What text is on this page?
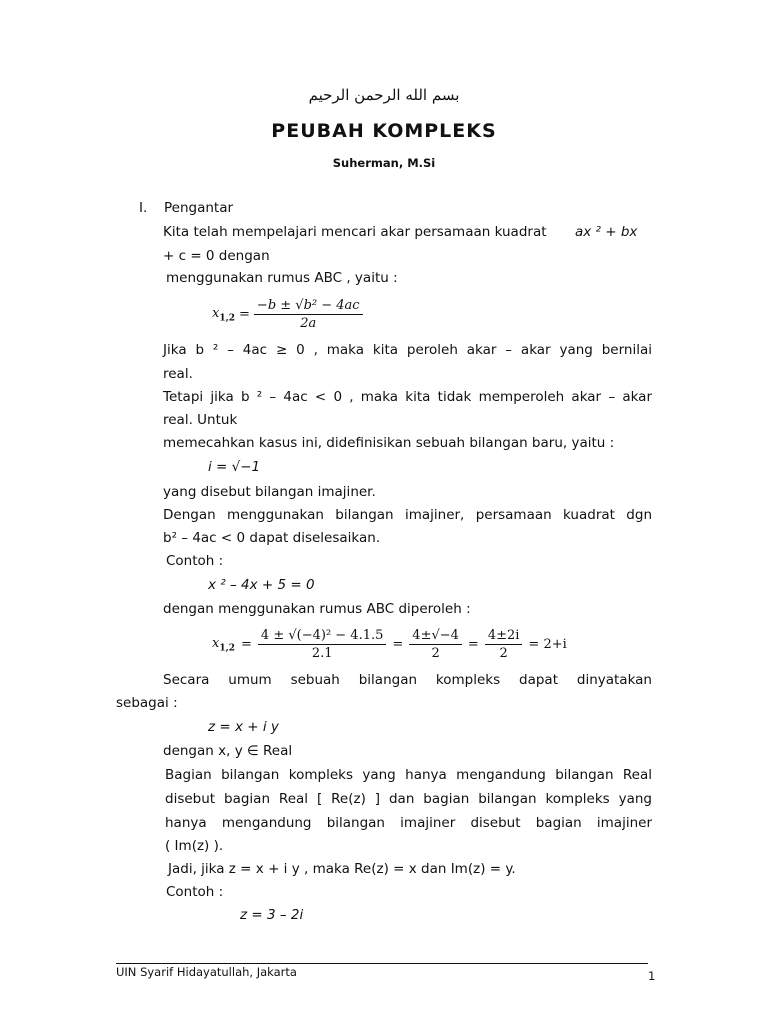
بسم الله الرحمن الرحيم
PEUBAH KOMPLEKS
Suherman, M.Si
I. Pengantar
Kita telah mempelajari mencari akar persamaan kuadrat ax ² + bx
+ c = 0 dengan
menggunakan rumus ABC , yaitu :
$x_{1,2} = \frac{\text{−b ± √b² − 4ac}}{2a}$
Jika b ² – 4ac ≥ 0 , maka kita peroleh akar – akar yang bernilai
real.
Tetapi jika b ² – 4ac < 0 , maka kita tidak memperoleh akar – akar
real. Untuk
memecahkan kasus ini, didefinisikan sebuah bilangan baru, yaitu :
i = √−1
yang disebut bilangan imajiner.
Dengan menggunakan bilangan imajiner, persamaan kuadrat dgn
b² – 4ac < 0 dapat diselesaikan.
Contoh :
x ² – 4x + 5 = 0
dengan menggunakan rumus ABC diperoleh :
$x_{1,2} = \frac{\text{4 ± √(−4)² − 4.1.5}}{2.1} = \frac{4\pm√-4}{2} = \frac{4\pm 2i}{2} = 2+i$
Secara umum sebuah bilangan kompleks dapat dinyatakan
sebagai :
z = x + i y
dengan x, y ∈ Real
Bagian bilangan kompleks yang hanya mengandung bilangan Real
disebut bagian Real [ Re(z) ] dan bagian bilangan kompleks yang
hanya mengandung bilangan imajiner disebut bagian imajiner
( Im(z) ).
Jadi, jika z = x + i y , maka Re(z) = x dan Im(z) = y.
Contoh :
z = 3 – 2i
UIN Syarif Hidayatullah, Jakarta	1
